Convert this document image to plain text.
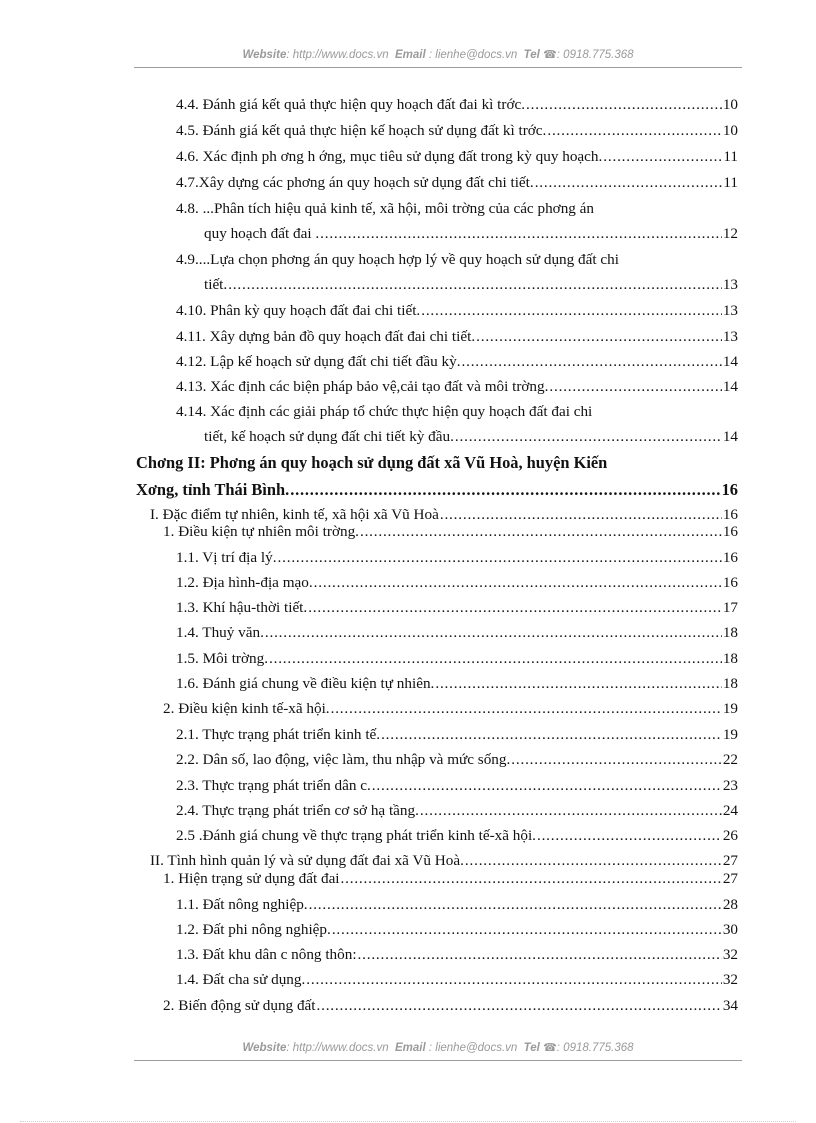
Website: http://www.docs.vn Email : lienhe@docs.vn Tel ☎: 0918.775.368
4.4. Đánh giá kết quả thực hiện quy hoạch đất đai kì trớc. .....	10
4.5. Đánh giá kết quả thực hiện kế hoạch sử dụng đất kì trớc. .....	10
4.6. Xác định ph ơng h ớng, mục tiêu sử dụng đất trong kỳ quy hoạch. .....	11
4.7.Xây dựng các phơng án quy hoạch sử dụng đất chi tiết. .....	11
4.8. ...Phân tích hiệu quả kinh tế, xã hội, môi trờng của các phơng án
quy hoạch đất đai . .....	12
4.9....Lựa chọn phơng án quy hoạch hợp lý về quy hoạch sử dụng đất chi
tiết. .....	13
4.10. Phân kỳ quy hoạch đất đai chi tiết. .....	13
4.11. Xây dựng bản đồ quy hoạch đất đai chi tiết. .....	13
4.12. Lập kế hoạch sử dụng đất chi tiết đầu kỳ. .....	14
4.13. Xác định các biện pháp bảo vệ,cải tạo đất và môi trờng. .....	14
4.14. Xác định các giải pháp tổ chức thực hiện quy hoạch đất đai chi
tiết, kế hoạch sử dụng đất chi tiết kỳ đầu. .....	14
Chơng II: Phơng án quy hoạch sử dụng đất xã Vũ Hoà, huyện Kiến
Xơng, tỉnh Thái Bình. .....	16
I. Đặc điểm tự nhiên, kinh tế, xã hội xã Vũ Hoà .....	16
1. Điều kiện tự nhiên môi trờng. .....	16
1.1. Vị trí địa lý. .....	16
1.2. Địa hình-địa mạo. .....	16
1.3. Khí hậu-thời tiết. .....	17
1.4. Thuỷ văn. .....	18
1.5. Môi trờng. .....	18
1.6. Đánh giá chung về điều kiện tự nhiên. .....	18
2. Điều kiện kinh tế-xã hội. .....	19
2.1. Thực trạng phát triển kinh tế. .....	19
2.2. Dân số, lao động, việc làm, thu nhập và mức sống. .....	22
2.3. Thực trạng phát triển dân c. .....	23
2.4. Thực trạng phát triển cơ sở hạ tầng. .....	24
2.5 .Đánh giá chung về thực trạng phát triển kinh tế-xã hội. .....	26
II. Tình hình quản lý và sử dụng đất đai xã Vũ Hoà. .....	27
1. Hiện trạng sử dụng đất đai .....	27
1.1. Đất nông nghiệp. .....	28
1.2. Đất phi nông nghiệp. .....	30
1.3. Đất khu dân c nông thôn: .....	32
1.4. Đất cha sử dụng. .....	32
2. Biến động sử dụng đất .....	34
Website: http://www.docs.vn Email : lienhe@docs.vn Tel ☎: 0918.775.368
